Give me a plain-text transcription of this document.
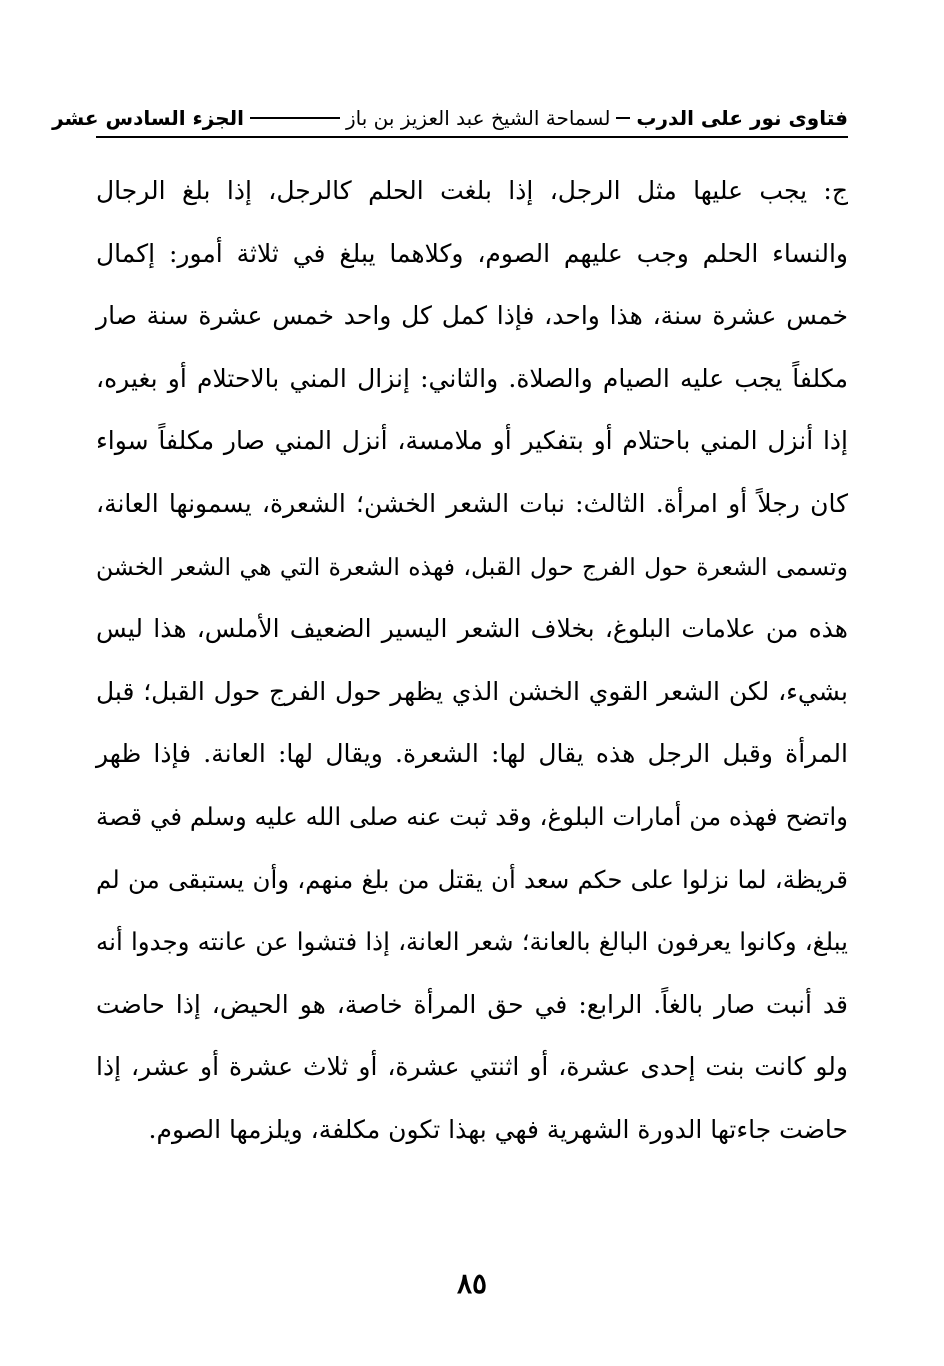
فتاوى نور على الدرب
لسماحة الشيخ عبد العزيز بن باز
الجزء السادس عشر
ج: يجب عليها مثل الرجل، إذا بلغت الحلم كالرجل، إذا بلغ الرجال
والنساء الحلم وجب عليهم الصوم، وكلاهما يبلغ في ثلاثة أمور: إكمال
خمس عشرة سنة، هذا واحد، فإذا كمل كل واحد خمس عشرة سنة صار
مكلفاً يجب عليه الصيام والصلاة. والثاني: إنزال المني بالاحتلام أو بغيره،
إذا أنزل المني باحتلام أو بتفكير أو ملامسة، أنزل المني صار مكلفاً سواء
كان رجلاً أو امرأة. الثالث: نبات الشعر الخشن؛ الشعرة، يسمونها العانة،
وتسمى الشعرة حول الفرج حول القبل، فهذه الشعرة التي هي الشعر الخشن
هذه من علامات البلوغ، بخلاف الشعر اليسير الضعيف الأملس، هذا ليس
بشيء، لكن الشعر القوي الخشن الذي يظهر حول الفرج حول القبل؛ قبل
المرأة وقبل الرجل هذه يقال لها: الشعرة. ويقال لها: العانة. فإذا ظهر
واتضح فهذه من أمارات البلوغ، وقد ثبت عنه صلى الله عليه وسلم في قصة
قريظة، لما نزلوا على حكم سعد أن يقتل من بلغ منهم، وأن يستبقى من لم
يبلغ، وكانوا يعرفون البالغ بالعانة؛ شعر العانة، إذا فتشوا عن عانته وجدوا أنه
قد أنبت صار بالغاً. الرابع: في حق المرأة خاصة، هو الحيض، إذا حاضت
ولو كانت بنت إحدى عشرة، أو اثنتي عشرة، أو ثلاث عشرة أو عشر، إذا
حاضت جاءتها الدورة الشهرية فهي بهذا تكون مكلفة، ويلزمها الصوم.
٨٥
